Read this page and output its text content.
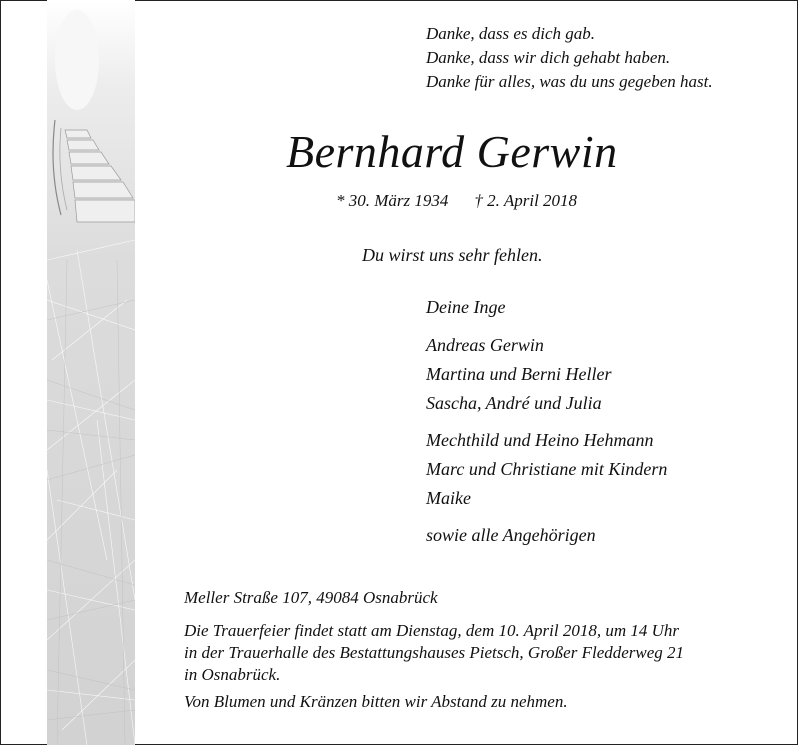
Danke, dass es dich gab.
Danke, dass wir dich gehabt haben.
Danke für alles, was du uns gegeben hast.
Bernhard Gerwin
* 30. März 1934 † 2. April 2018
Du wirst uns sehr fehlen.
Deine Inge
Andreas Gerwin
Martina und Berni Heller
Sascha, André und Julia
Mechthild und Heino Hehmann
Marc und Christiane mit Kindern
Maike
sowie alle Angehörigen
Meller Straße 107, 49084 Osnabrück
Die Trauerfeier findet statt am Dienstag, dem 10. April 2018, um 14 Uhr
in der Trauerhalle des Bestattungshauses Pietsch, Großer Fledderweg 21
in Osnabrück.
Von Blumen und Kränzen bitten wir Abstand zu nehmen.
